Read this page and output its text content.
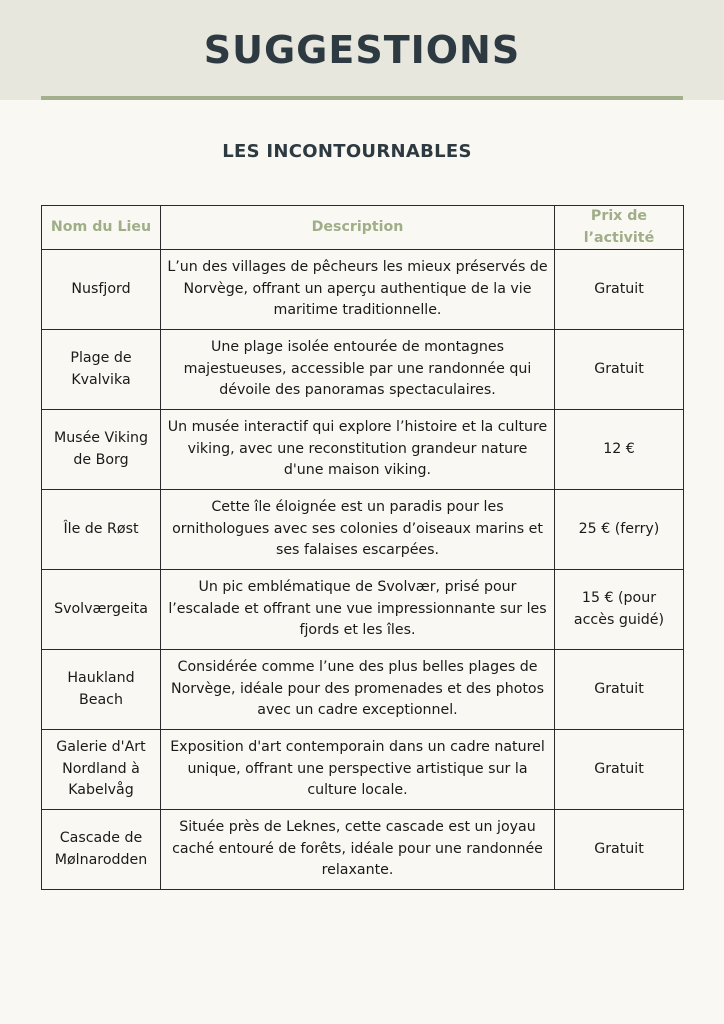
SUGGESTIONS
LES INCONTOURNABLES
Nom du Lieu	Description	Prix de l’activité
Nusfjord	L’un des villages de pêcheurs les mieux préservés de Norvège, offrant un aperçu authentique de la vie maritime traditionnelle.	Gratuit
Plage de Kvalvika	Une plage isolée entourée de montagnes majestueuses, accessible par une randonnée qui dévoile des panoramas spectaculaires.	Gratuit
Musée Viking de Borg	Un musée interactif qui explore l’histoire et la culture viking, avec une reconstitution grandeur nature d'une maison viking.	12 €
Île de Røst	Cette île éloignée est un paradis pour les ornithologues avec ses colonies d’oiseaux marins et ses falaises escarpées.	25 € (ferry)
Svolværgeita	Un pic emblématique de Svolvær, prisé pour l’escalade et offrant une vue impressionnante sur les fjords et les îles.	15 € (pour accès guidé)
Haukland Beach	Considérée comme l’une des plus belles plages de Norvège, idéale pour des promenades et des photos avec un cadre exceptionnel.	Gratuit
Galerie d'Art Nordland à Kabelvåg	Exposition d'art contemporain dans un cadre naturel unique, offrant une perspective artistique sur la culture locale.	Gratuit
Cascade de Mølnarodden	Située près de Leknes, cette cascade est un joyau caché entouré de forêts, idéale pour une randonnée relaxante.	Gratuit
